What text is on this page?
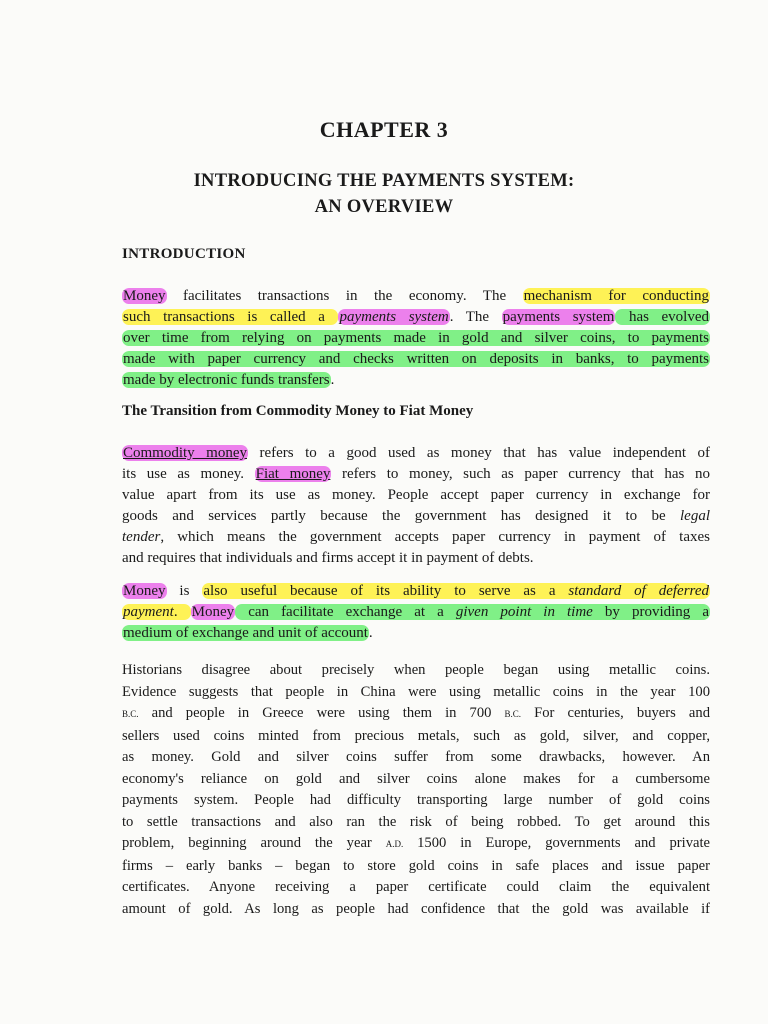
CHAPTER 3
INTRODUCING THE PAYMENTS SYSTEM:
AN OVERVIEW
INTRODUCTION
Money facilitates transactions in the economy. The mechanism for conducting
such transactions is called a payments system. The payments system has evolved
over time from relying on payments made in gold and silver coins, to payments
made with paper currency and checks written on deposits in banks, to payments
made by electronic funds transfers.
The Transition from Commodity Money to Fiat Money
Commodity money refers to a good used as money that has value independent of
its use as money. Fiat money refers to money, such as paper currency that has no
value apart from its use as money. People accept paper currency in exchange for
goods and services partly because the government has designed it to be legal
tender, which means the government accepts paper currency in payment of taxes
and requires that individuals and firms accept it in payment of debts.
Money is also useful because of its ability to serve as a standard of deferred
payment. Money can facilitate exchange at a given point in time by providing a
medium of exchange and unit of account.
Historians disagree about precisely when people began using metallic coins.
Evidence suggests that people in China were using metallic coins in the year 100
B.C. and people in Greece were using them in 700 B.C. For centuries, buyers and
sellers used coins minted from precious metals, such as gold, silver, and copper,
as money. Gold and silver coins suffer from some drawbacks, however. An
economy's reliance on gold and silver coins alone makes for a cumbersome
payments system. People had difficulty transporting large number of gold coins
to settle transactions and also ran the risk of being robbed. To get around this
problem, beginning around the year A.D. 1500 in Europe, governments and private
firms – early banks – began to store gold coins in safe places and issue paper
certificates. Anyone receiving a paper certificate could claim the equivalent
amount of gold. As long as people had confidence that the gold was available if
